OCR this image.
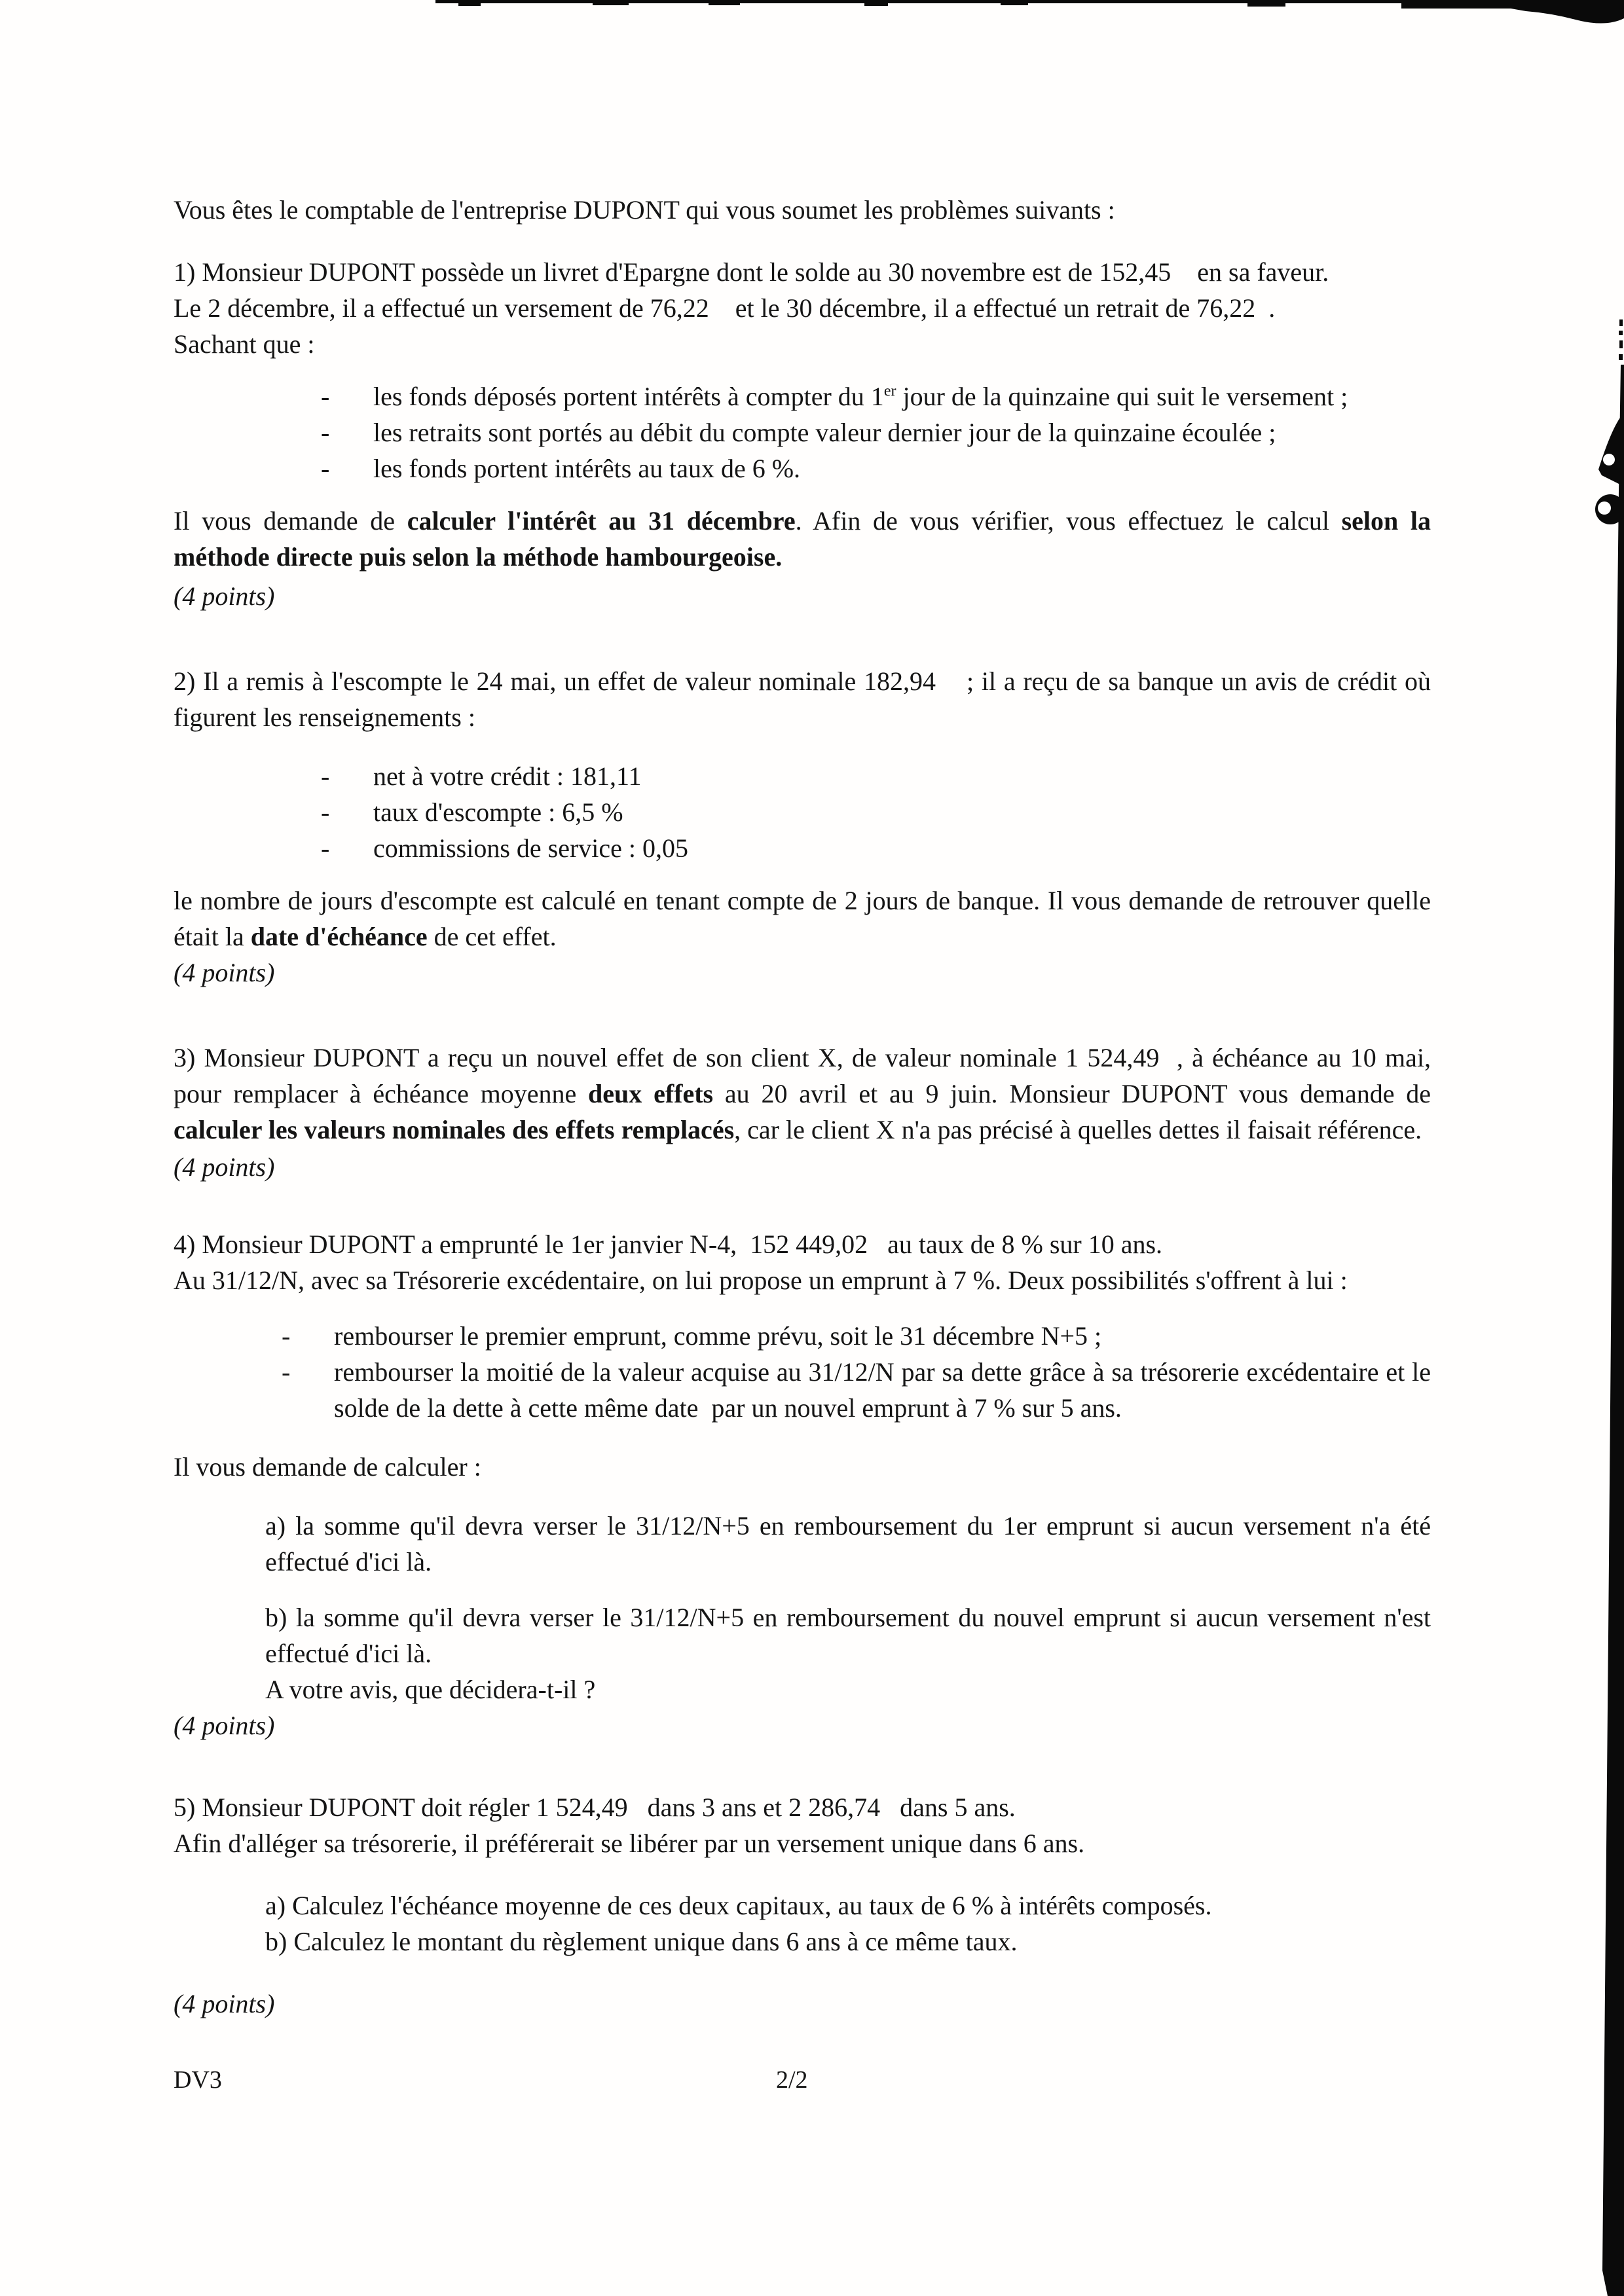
Vous êtes le comptable de l'entreprise DUPONT qui vous soumet les problèmes suivants :

1) Monsieur DUPONT possède un livret d'Epargne dont le solde au 30 novembre est de 152,45    en sa faveur.
Le 2 décembre, il a effectué un versement de 76,22    et le 30 décembre, il a effectué un retrait de 76,22  .
Sachant que :
-	les fonds déposés portent intérêts à compter du 1er jour de la quinzaine qui suit le versement ;
-	les retraits sont portés au débit du compte valeur dernier jour de la quinzaine écoulée ;
-	les fonds portent intérêts au taux de 6 %.

Il vous demande de calculer l'intérêt au 31 décembre. Afin de vous vérifier, vous effectuez le calcul selon la méthode directe puis selon la méthode hambourgeoise.

(4 points)

2) Il a remis à l'escompte le 24 mai, un effet de valeur nominale 182,94    ; il a reçu de sa banque un avis de crédit où figurent les renseignements :

-	net à votre crédit : 181,11
-	taux d'escompte : 6,5 %
-	commissions de service : 0,05

le nombre de jours d'escompte est calculé en tenant compte de 2 jours de banque. Il vous demande de retrouver quelle était la date d'échéance de cet effet.

(4 points)

3) Monsieur DUPONT a reçu un nouvel effet de son client X, de valeur nominale 1 524,49  , à échéance au 10 mai, pour remplacer à échéance moyenne deux effets au 20 avril et au 9 juin. Monsieur DUPONT vous demande de calculer les valeurs nominales des effets remplacés, car le client X n'a pas précisé à quelles dettes il faisait référence.

(4 points)

4) Monsieur DUPONT a emprunté le 1er janvier N-4,  152 449,02   au taux de 8 % sur 10 ans.
Au 31/12/N, avec sa Trésorerie excédentaire, on lui propose un emprunt à 7 %. Deux possibilités s'offrent à lui :
-	rembourser le premier emprunt, comme prévu, soit le 31 décembre N+5 ;
-	rembourser la moitié de la valeur acquise au 31/12/N par sa dette grâce à sa trésorerie excédentaire et le solde de la dette à cette même date  par un nouvel emprunt à 7 % sur 5 ans.

Il vous demande de calculer :

a) la somme qu'il devra verser le 31/12/N+5 en remboursement du 1er emprunt si aucun versement n'a été effectué d'ici là.

b) la somme qu'il devra verser le 31/12/N+5 en remboursement du nouvel emprunt si aucun versement n'est effectué d'ici là.
A votre avis, que décidera-t-il ?

(4 points)

5) Monsieur DUPONT doit régler 1 524,49   dans 3 ans et 2 286,74   dans 5 ans.
Afin d'alléger sa trésorerie, il préférerait se libérer par un versement unique dans 6 ans.
a) Calculez l'échéance moyenne de ces deux capitaux, au taux de 6 % à intérêts composés.
b) Calculez le montant du règlement unique dans 6 ans à ce même taux.

(4 points)

DV3	2/2
